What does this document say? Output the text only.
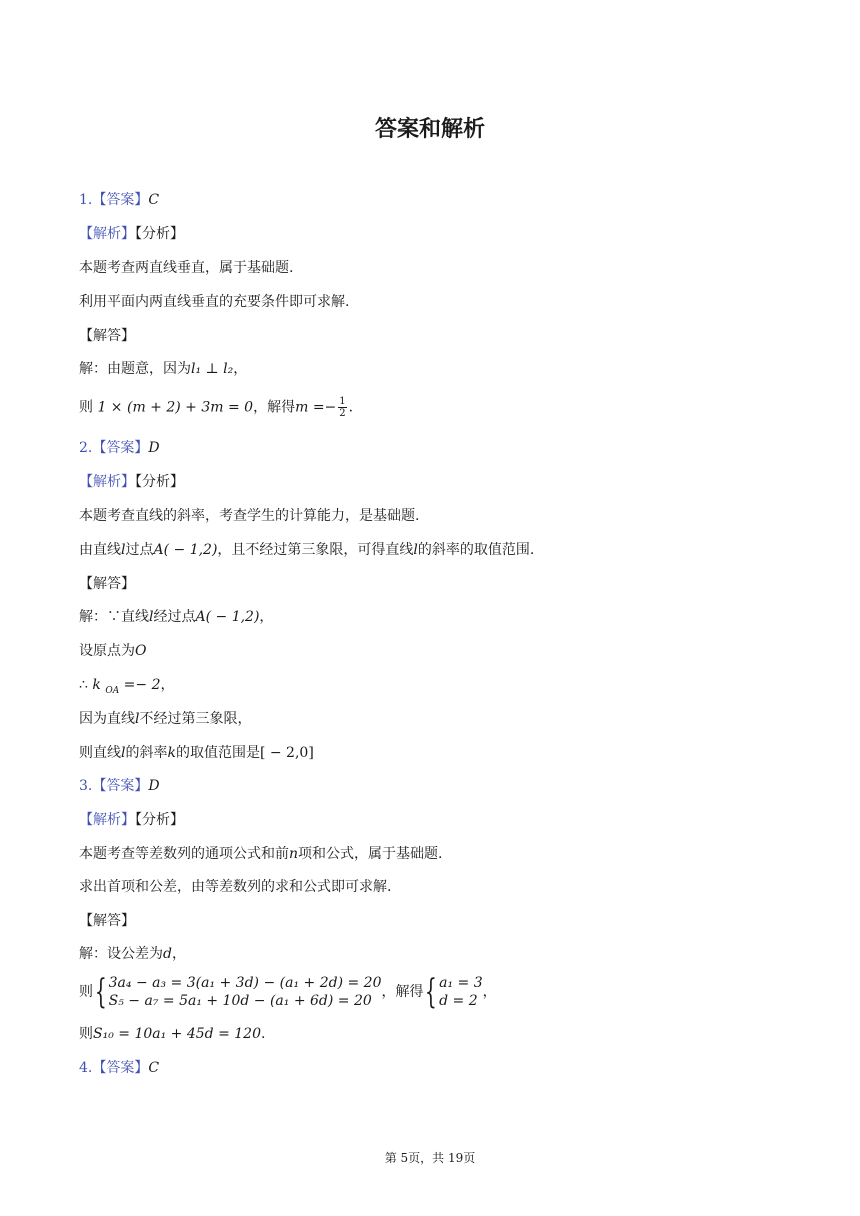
答案和解析
1.【答案】C
【解析】【分析】
本题考查两直线垂直，属于基础题.
利用平面内两直线垂直的充要条件即可求解.
【解答】
解：由题意，因为l₁ ⊥ l₂，
则 1 × (m + 2) + 3m = 0，解得$m =- \frac{1}{2}$ .
2.【答案】D
【解析】【分析】
本题考查直线的斜率，考查学生的计算能力，是基础题.
由直线l过点A( − 1,2)，且不经过第三象限，可得直线l的斜率的取值范围.
【解答】
解：∵直线l经过点A( − 1,2)，
设原点为O
∴ k $_{OA}$ =− 2，
因为直线l不经过第三象限，
则直线l的斜率k的取值范围是[ − 2,0]
3.【答案】D
【解析】【分析】
本题考查等差数列的通项公式和前n项和公式，属于基础题.
求出首项和公差，由等差数列的求和公式即可求解.
【解答】
解：设公差为d，
则{ 3a₄ − a₃ = 3(a₁ + 3d) − (a₁ + 2d) = 20
S₅ − a₇ = 5a₁ + 10d − (a₁ + 6d) = 20
，解得{ a₁ = 3
d = 2
，
则S₁₀ = 10a₁ + 45d = 120.
4.【答案】C
第 5页，共 19页
